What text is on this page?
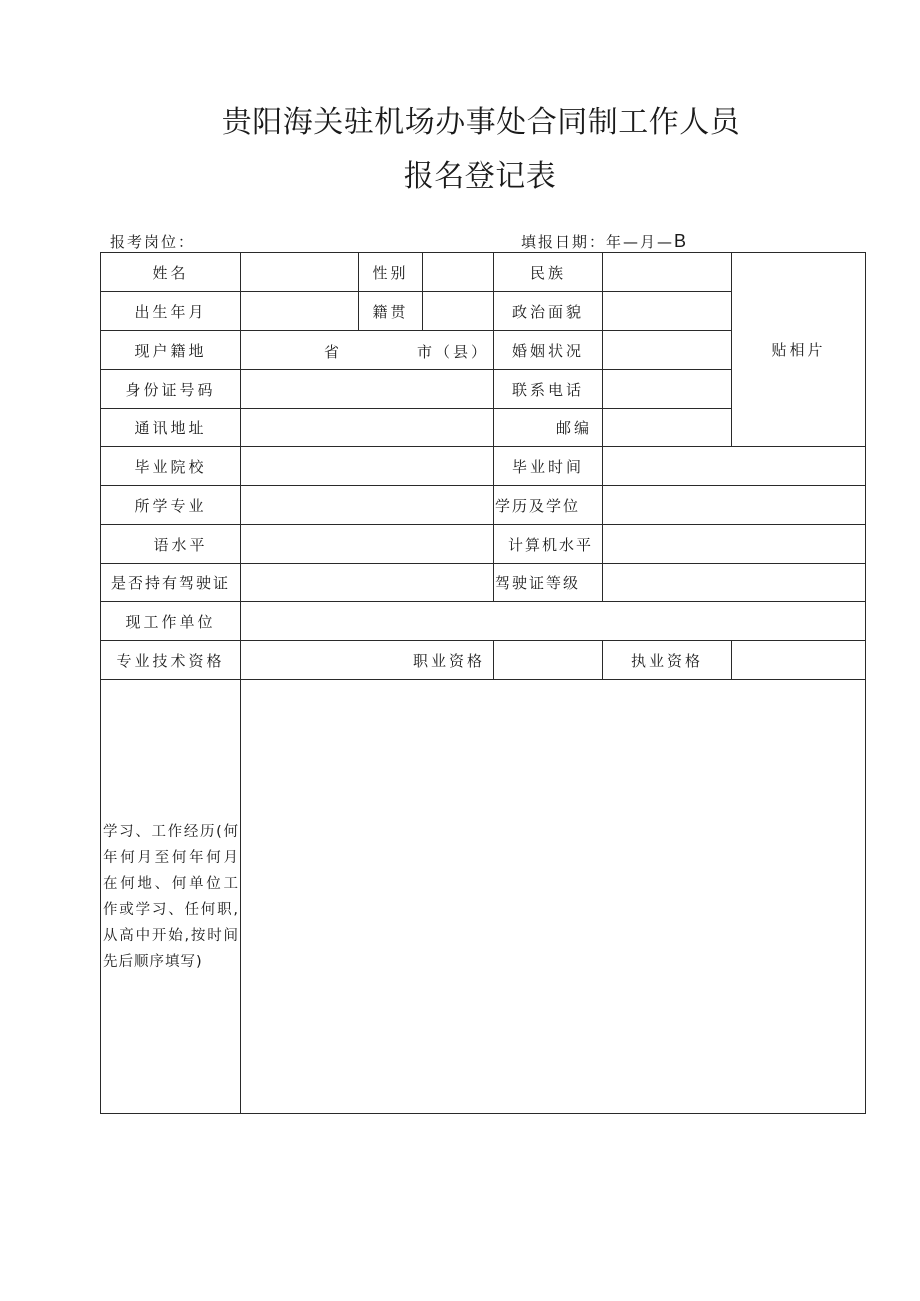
贵阳海关驻机场办事处合同制工作人员
报名登记表
报考岗位：	填报日期：年—月—B
姓名	性别	民族
贴相片
出生年月	籍贯	政治面貌
现户籍地	省	市（县）	婚姻状况
身份证号码	联系电话
通讯地址	邮编
毕业院校	毕业时间
所学专业	学历及学位
语水平	计算机水平
是否持有驾驶证	驾驶证等级
现工作单位
专业技术资格	职业资格	执业资格
学习、工作经历(何年何月至何年何月在何地、何单位工作或学习、任何职,从高中开始,按时间先后顺序填写)
